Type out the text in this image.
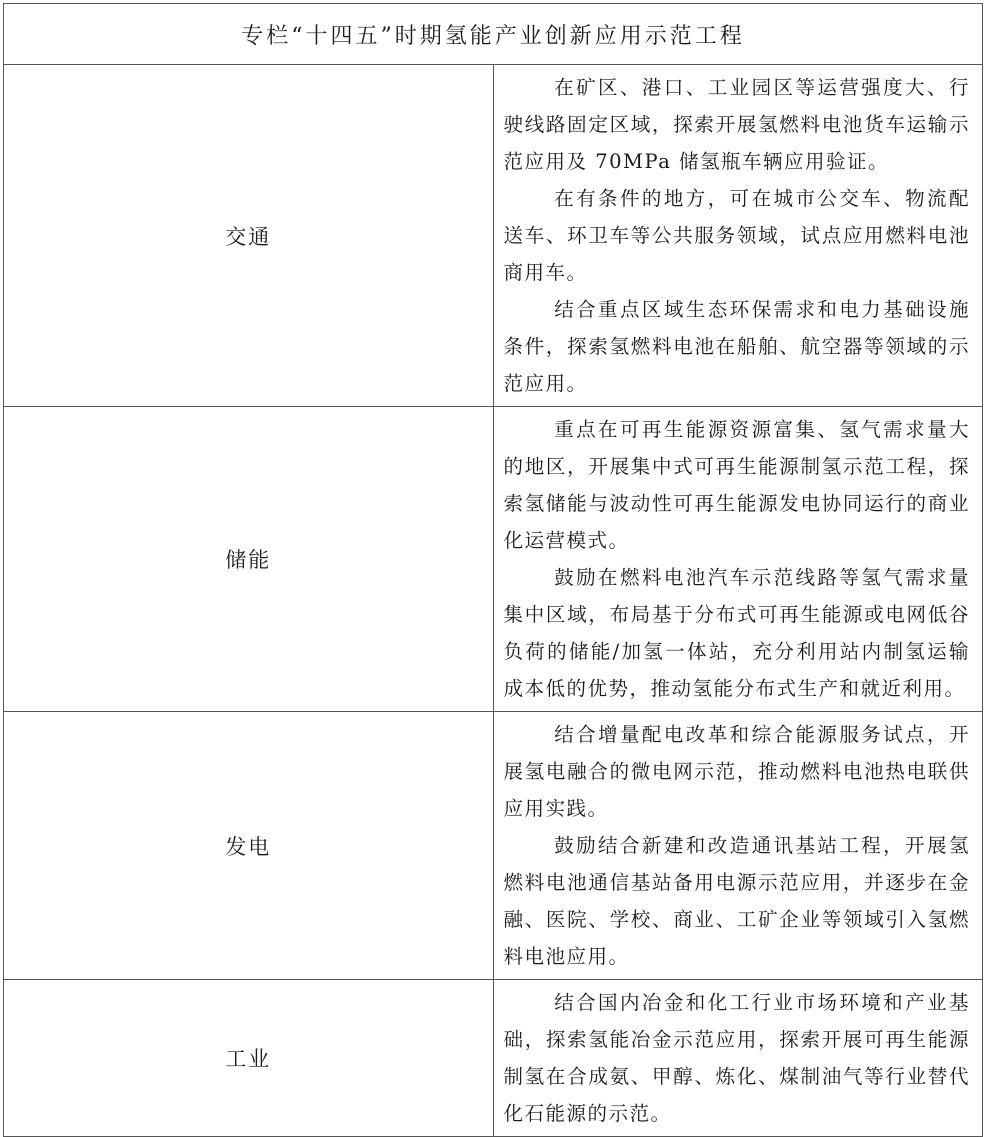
专栏“十四五”时期氢能产业创新应用示范工程	
交通	在矿区、港口、工业园区等运营强度大、行驶线路固定区域，探索开展氢燃料电池货车运输示范应用及 70MPa 储氢瓶车辆应用验证。

在有条件的地方，可在城市公交车、物流配送车、环卫车等公共服务领域，试点应用燃料电池商用车。

结合重点区域生态环保需求和电力基础设施条件，探索氢燃料电池在船舶、航空器等领域的示范应用。

储能	重点在可再生能源资源富集、氢气需求量大的地区，开展集中式可再生能源制氢示范工程，探索氢储能与波动性可再生能源发电协同运行的商业化运营模式。

鼓励在燃料电池汽车示范线路等氢气需求量集中区域，布局基于分布式可再生能源或电网低谷负荷的储能/加氢一体站，充分利用站内制氢运输成本低的优势，推动氢能分布式生产和就近利用。

发电	结合增量配电改革和综合能源服务试点，开展氢电融合的微电网示范，推动燃料电池热电联供应用实践。

鼓励结合新建和改造通讯基站工程，开展氢燃料电池通信基站备用电源示范应用，并逐步在金融、医院、学校、商业、工矿企业等领域引入氢燃料电池应用。

工业	结合国内冶金和化工行业市场环境和产业基础，探索氢能冶金示范应用，探索开展可再生能源制氢在合成氨、甲醇、炼化、煤制油气等行业替代化石能源的示范。
